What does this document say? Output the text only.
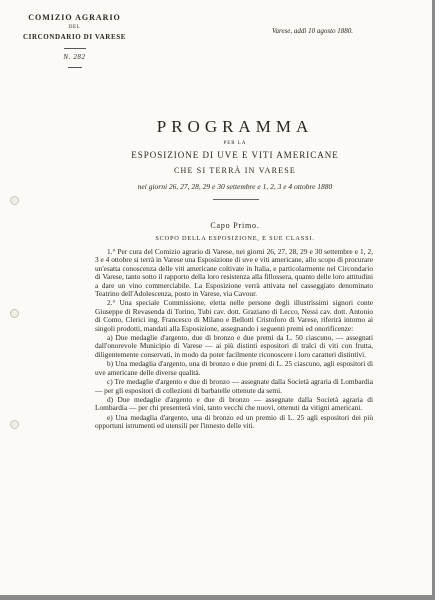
COMIZIO AGRARIO
DEL
CIRCONDARIO DI VARESE
N. 282
Varese, addì 10 agosto 1880.
PROGRAMMA
PER LA
ESPOSIZIONE DI UVE E VITI AMERICANE
CHE SI TERRÀ IN VARESE
nei giorni 26, 27, 28, 29 e 30 settembre e 1, 2, 3 e 4 ottobre 1880
Capo Primo.
SCOPO DELLA ESPOSIZIONE, E SUE CLASSI.

1.° Per cura del Comizio agrario di Varese, nei giorni 26, 27, 28, 29 e 30 settembre e 1, 2, 3 e 4 ottobre si terrà in Varese una Esposizione di uve e viti americane, allo scopo di procurare un'esatta conoscenza delle viti americane coltivate in Italia, e particolarmente nel Circondario di Varese, tanto sotto il rapporto della loro resistenza alla fillossera, quanto delle loro attitudini a dare un vino commerciabile. La Esposizione verrà attivata nel casseggiato denominato Teatrino dell'Adolescenza, posto in Varese, via Cavour.

2.° Una speciale Commissione, eletta nelle persone degli illustrissimi signori conte Giuseppe di Revasenda di Torino, Tubi cav. dott. Graziano di Lecco, Nessi cav. dott. Antonio di Como, Clerici ing. Francesco di Milano e Bellotti Cristoforo di Varese, riferirà intorno ai singoli prodotti, mandati alla Esposizione, assegnando i seguenti premi ed onorificenze:

a) Due medaglie d'argento, due di bronzo e due premi da L. 50 ciascuno, — assegnati dall'onorevole Municipio di Varese — ai più distinti espositori di tralci di viti con frutta, diligentemente conservati, in modo da poter facilmente riconoscere i loro caratteri distintivi.

b) Una medaglia d'argento, una di bronzo e due premi di L. 25 ciascuno, agli espositori di uve americane delle diverse qualità.

c) Tre medaglie d'argento e due di bronzo — assegnate dalla Società agraria di Lombardia — per gli espositori di collezioni di barbatelle ottenute da semi.

d) Due medaglie d'argento e due di bronzo — assegnate dalla Società agraria di Lombardia — per chi presenterà vini, tanto vecchi che nuovi, ottenuti da vitigni americani.

e) Una medaglia d'argento, una di bronzo ed un premio di L. 25 agli espositori dei più opportuni istrumenti ed utensili per l'innesto delle viti.
